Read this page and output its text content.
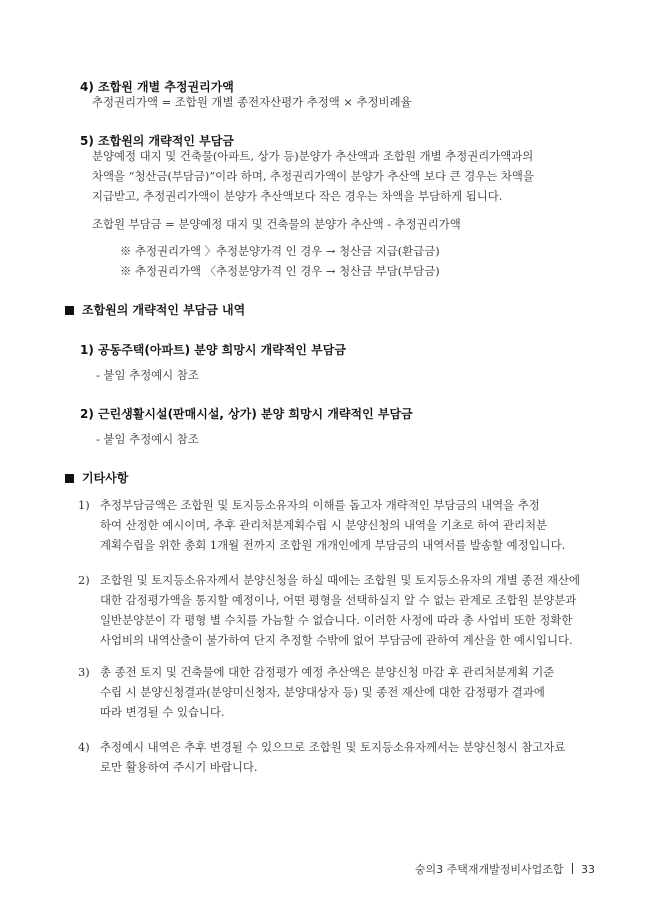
4) 조합원 개별 추정권리가액
추정권리가액 = 조합원 개별 종전자산평가 추정액 × 추정비례율
5) 조합원의 개략적인 부담금
분양예정 대지 및 건축물(아파트, 상가 등)분양가 추산액과 조합원 개별 추정권리가액과의
차액을 “청산금(부담금)”이라 하며, 추정권리가액이 분양가 추산액 보다 큰 경우는 차액을
지급받고, 추정권리가액이 분양가 추산액보다 작은 경우는 차액을 부담하게 됩니다.
조합원 부담금 = 분양예정 대지 및 건축물의 분양가 추산액 - 추정권리가액
※ 추정권리가액 〉추정분양가격 인 경우 → 청산금 지급(환급금)
※ 추정권리가액 〈추정분양가격 인 경우 → 청산금 부담(부담금)
조합원의 개략적인 부담금 내역
1) 공동주택(아파트) 분양 희망시 개략적인 부담금
- 붙임 추정예시 참조
2) 근린생활시설(판매시설, 상가) 분양 희망시 개략적인 부담금
- 붙임 추정예시 참조
기타사항
1) 추정부담금액은 조합원 및 토지등소유자의 이해를 돕고자 개략적인 부담금의 내역을 추정
하여 산정한 예시이며, 추후 관리처분계획수립 시 분양신청의 내역을 기초로 하여 관리처분
계획수립을 위한 총회 1개월 전까지 조합원 개개인에게 부담금의 내역서를 발송할 예정입니다.
2) 조합원 및 토지등소유자께서 분양신청을 하실 때에는 조합원 및 토지등소유자의 개별 종전 재산에
대한 감정평가액을 통지할 예정이나, 어떤 평형을 선택하실지 알 수 없는 관계로 조합원 분양분과
일반분양분이 각 평형 별 수치를 가늠할 수 없습니다. 이러한 사정에 따라 총 사업비 또한 정확한
사업비의 내역산출이 불가하여 단지 추정할 수밖에 없어 부담금에 관하여 계산을 한 예시입니다.
3) 총 종전 토지 및 건축물에 대한 감정평가 예정 추산액은 분양신청 마감 후 관리처분계획 기준
수립 시 분양신청결과(분양미신청자, 분양대상자 등) 및 종전 재산에 대한 감정평가 결과에
따라 변경될 수 있습니다.
4) 추정예시 내역은 추후 변경될 수 있으므로 조합원 및 토지등소유자께서는 분양신청시 참고자료
로만 활용하여 주시기 바랍니다.
숭의3 주택재개발정비사업조합 33
